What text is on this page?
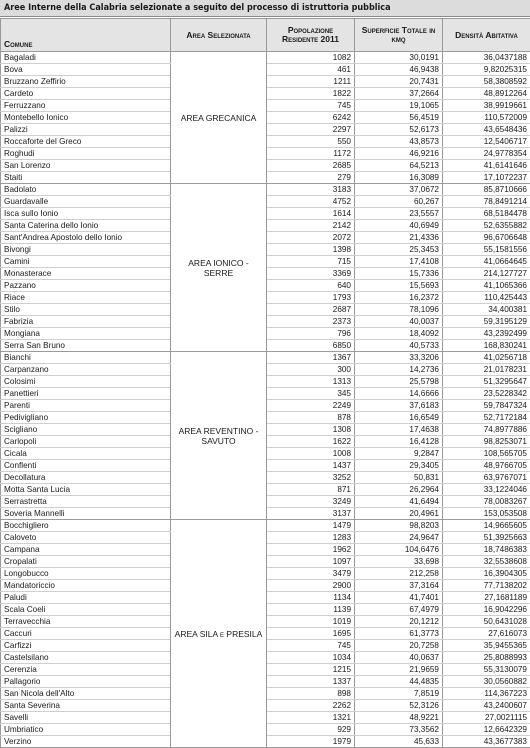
Aree Interne della Calabria selezionate a seguito del processo di istruttoria pubblica
Comune	Area Selezionata	Popolazione Residente 2011	Superficie Totale in kmq	Densità Abitativa
Bagaladi	AREA GRECANICA	1082	30,0191	36,0437188
Bova		461	46,9438	9,82025315
Bruzzano Zeffirio		1211	20,7431	58,3808592
Cardeto		1822	37,2664	48,8912264
Ferruzzano		745	19,1065	38,9919661
Montebello Ionico		6242	56,4519	110,572009
Palizzi		2297	52,6173	43,6548436
Roccaforte del Greco		550	43,8573	12,5406717
Roghudi		1172	46,9216	24,9778354
San Lorenzo		2685	64,5213	41,6141646
Staiti		279	16,3089	17,1072237
Badolato	AREA IONICO - SERRE	3183	37,0672	85,8710666
Guardavalle		4752	60,267	78,8491214
Isca sullo Ionio		1614	23,5557	68,5184478
Santa Caterina dello Ionio		2142	40,6949	52,6355882
Sant'Andrea Apostolo dello Ionio		2072	21,4336	96,6706648
Bivongi		1398	25,3453	55,1581556
Camini		715	17,4108	41,0664645
Monasterace		3369	15,7336	214,127727
Pazzano		640	15,5693	41,1065366
Riace		1793	16,2372	110,425443
Stilo		2687	78,1096	34,400381
Fabrizia		2373	40,0037	59,3195129
Mongiana		796	18,4092	43,2392499
Serra San Bruno		6850	40,5733	168,830241
Bianchi	AREA REVENTINO - SAVUTO	1367	33,3206	41,0256718
Carpanzano		300	14,2736	21,0178231
Colosimi		1313	25,5798	51,3295647
Panettieri		345	14,6666	23,5228342
Parenti		2249	37,6183	59,7847324
Pedivigliano		878	16,6549	52,7172184
Scigliano		1308	17,4638	74,8977886
Carlopoli		1622	16,4128	98,8253071
Cicala		1008	9,2847	108,565705
Conflenti		1437	29,3405	48,9766705
Decollatura		3252	50,831	63,9767071
Motta Santa Lucia		871	26,2964	33,1224046
Serrastretta		3249	41,6494	78,0083267
Soveria Mannelli		3137	20,4961	153,053508
Bocchigliero	AREA SILA e PRESILA	1479	98,8203	14,9665605
Caloveto		1283	24,9647	51,3925663
Campana		1962	104,6476	18,7486383
Cropalati		1097	33,698	32,5538608
Longobucco		3479	212,258	16,3904305
Mandatoriccio		2900	37,3164	77,7138202
Paludi		1134	41,7401	27,1681189
Scala Coeli		1139	67,4979	16,9042296
Terravecchia		1019	20,1212	50,6431028
Caccuri		1695	61,3773	27,616073
Carfizzi		745	20,7258	35,9455365
Castelsilano		1034	40,0637	25,8088993
Cerenzia		1215	21,9659	55,3130079
Pallagorio		1337	44,4835	30,0560882
San Nicola dell'Alto		898	7,8519	114,367223
Santa Severina		2262	52,3126	43,2400607
Savelli		1321	48,9221	27,0021115
Umbriatico		929	73,3562	12,6642329
Verzino		1979	45,633	43,3677383
